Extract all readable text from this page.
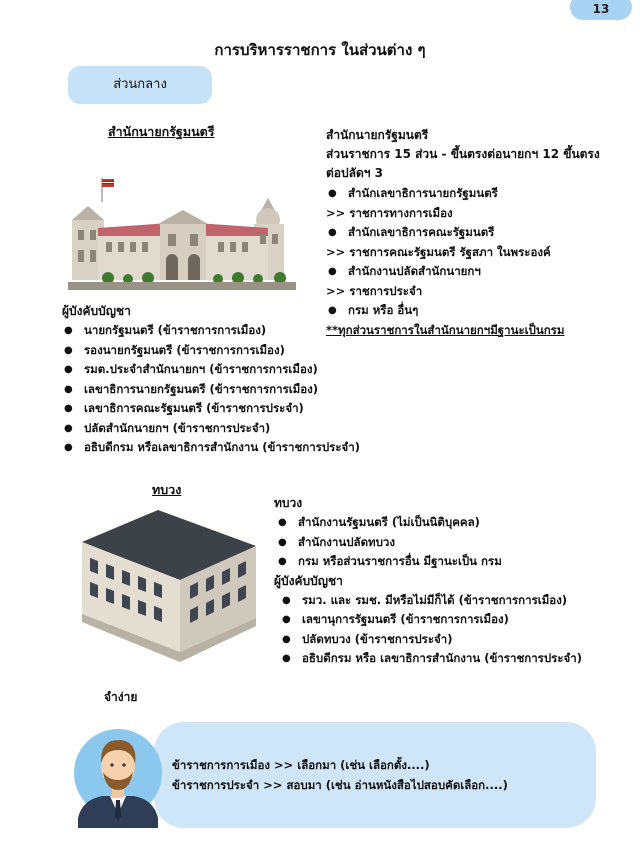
13
การบริหารราชการ ในส่วนต่าง ๆ
ส่วนกลาง
สำนักนายกรัฐมนตรี	สำนักนายกรัฐมนตรี
ส่วนราชการ 15 ส่วน - ขึ้นตรงต่อนายกฯ 12 ขึ้นตรง
ต่อปลัดฯ 3
● สำนักเลขาธิการนายกรัฐมนตรี
>> ราชการทางการเมือง
● สำนักเลขาธิการคณะรัฐมนตรี
>> ราชการคณะรัฐมนตรี รัฐสภา ในพระองค์
● สำนักงานปลัดสำนักนายกฯ
>> ราชการประจำ
● กรม หรือ อื่นๆ
**ทุกส่วนราชการในสำนักนายกฯมีฐานะเป็นกรม
ผู้บังคับบัญชา
● นายกรัฐมนตรี (ข้าราชการการเมือง)
● รองนายกรัฐมนตรี (ข้าราชการการเมือง)
● รมต.ประจำสำนักนายกฯ (ข้าราชการการเมือง)
● เลขาธิการนายกรัฐมนตรี (ข้าราชการการเมือง)
● เลขาธิการคณะรัฐมนตรี (ข้าราชการประจำ)
● ปลัดสำนักนายกฯ (ข้าราชการประจำ)
● อธิบดีกรม หรือเลขาธิการสำนักงาน (ข้าราชการประจำ)
ทบวง
ทบวง
● สำนักงานรัฐมนตรี (ไม่เป็นนิติบุคคล)
● สำนักงานปลัดทบวง
● กรม หรือส่วนราชการอื่น มีฐานะเป็น กรม
ผู้บังคับบัญชา
● รมว. และ รมช. มีหรือไม่มีก็ได้ (ข้าราชการการเมือง)
● เลขานุการรัฐมนตรี (ข้าราชการการเมือง)
● ปลัดทบวง (ข้าราชการประจำ)
● อธิบดีกรม หรือ เลขาธิการสำนักงาน (ข้าราชการประจำ)
จำง่าย
ข้าราชการการเมือง >> เลือกมา (เช่น เลือกตั้ง....)
ข้าราชการประจำ >> สอบมา (เช่น อ่านหนังสือไปสอบคัดเลือก....)
